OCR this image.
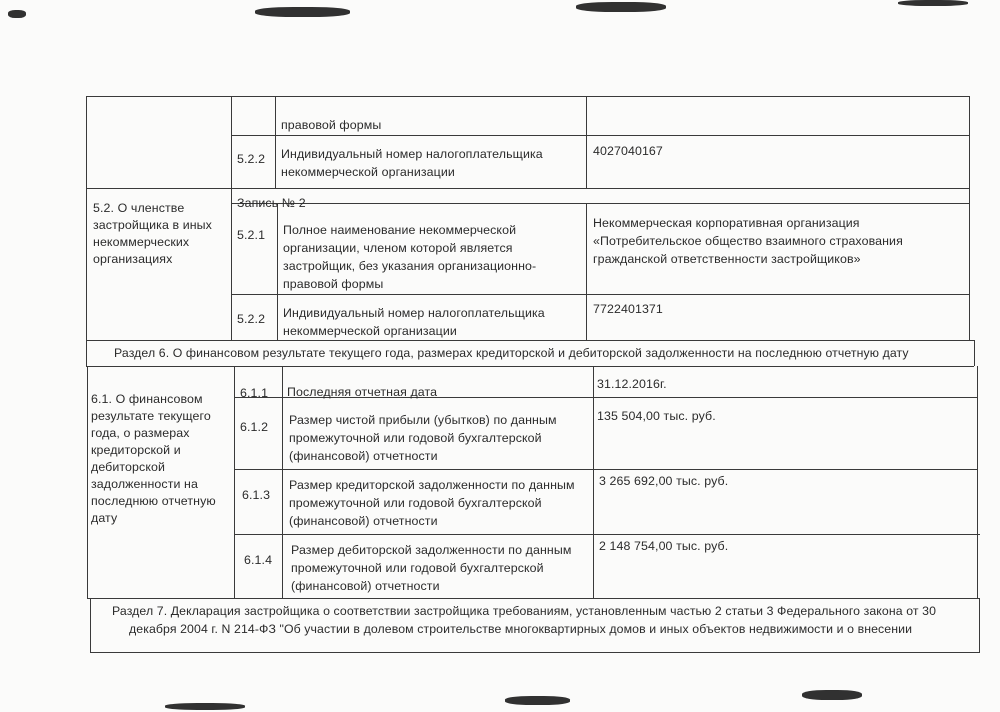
правовой формы
5.2.2 Индивидуальный номер налогоплательщика
некоммерческой организации
4027040167
5.2. О членстве
застройщика в иных
некоммерческих
организациях
Запись № 2
5.2.1 Полное наименование некоммерческой
организации, членом которой является
застройщик, без указания организационно-
правовой формы
Некоммерческая корпоративная организация
«Потребительское общество взаимного страхования
гражданской ответственности застройщиков»
5.2.2 Индивидуальный номер налогоплательщика
некоммерческой организации
7722401371
Раздел 6. О финансовом результате текущего года, размерах кредиторской и дебиторской задолженности на последнюю отчетную дату
6.1. О финансовом
результате текущего
года, о размерах
кредиторской и
дебиторской
задолженности на
последнюю отчетную
дату
6.1.1 Последняя отчетная дата
31.12.2016г.
6.1.2 Размер чистой прибыли (убытков) по данным
промежуточной или годовой бухгалтерской
(финансовой) отчетности
135 504,00 тыс. руб.
6.1.3
Размер кредиторской задолженности по данным
промежуточной или годовой бухгалтерской
(финансовой) отчетности
3 265 692,00 тыс. руб.
6.1.4
Размер дебиторской задолженности по данным
промежуточной или годовой бухгалтерской
(финансовой) отчетности
2 148 754,00 тыс. руб.
Раздел 7. Декларация застройщика о соответствии застройщика требованиям, установленным частью 2 статьи 3 Федерального закона от 30
декабря 2004 г. N 214-ФЗ "Об участии в долевом строительстве многоквартирных домов и иных объектов недвижимости и о внесении
